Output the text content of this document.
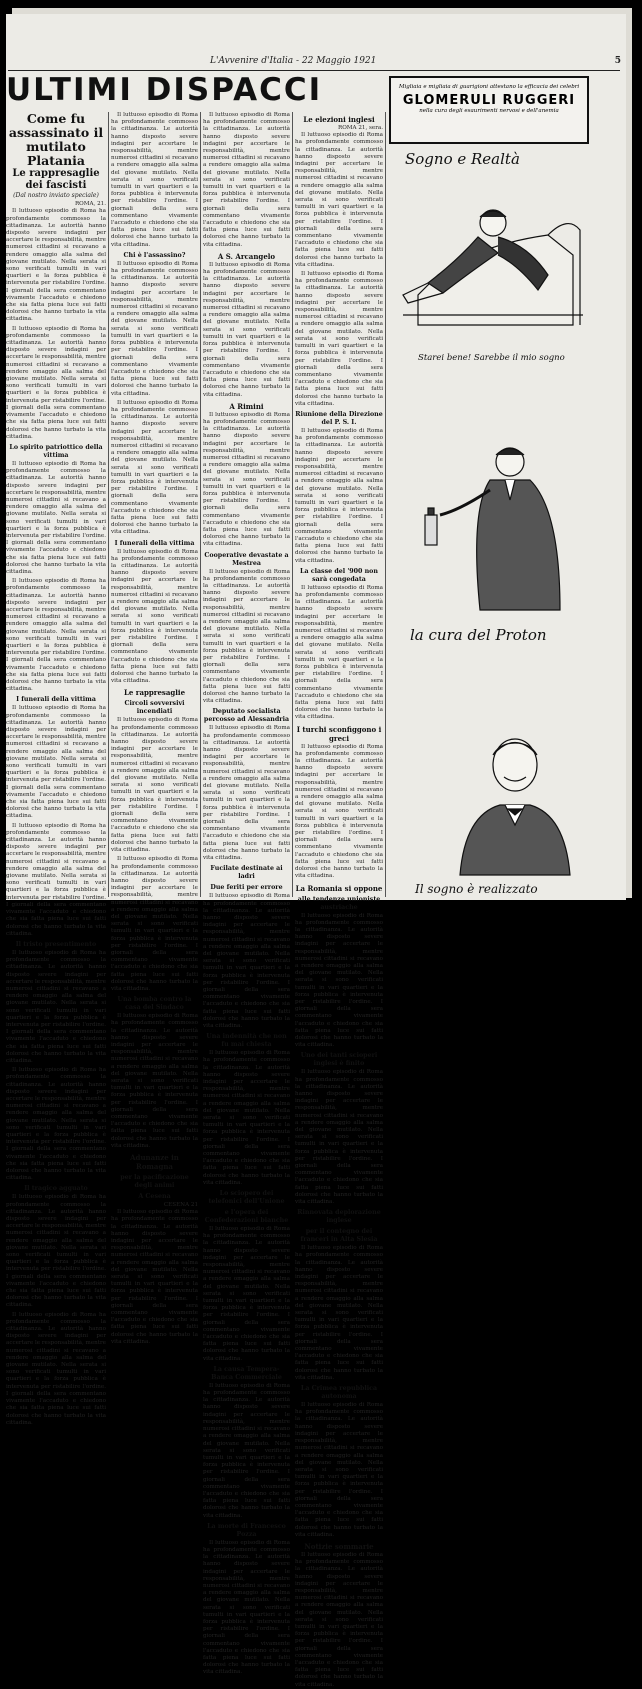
L'Avvenire d'Italia - 22 Maggio 1921	5
ULTIMI DISPACCI
Come fu assassinato il mutilato Platania
Le rappresaglie dei fascisti
(Dal nostro inviato speciale)
ROMA, 21.

Il luttuoso episodio di Roma ha profondamente commosso la cittadinanza. Le autorità hanno disposto severe indagini per accertare le responsabilità, mentre numerosi cittadini si recavano a rendere omaggio alla salma del giovane mutilato. Nella serata si sono verificati tumulti in vari quartieri e la forza pubblica è intervenuta per ristabilire l'ordine. I giornali della sera commentano vivamente l'accaduto e chiedono che sia fatta piena luce sui fatti dolorosi che hanno turbato la vita cittadina.

Il luttuoso episodio di Roma ha profondamente commosso la cittadinanza. Le autorità hanno disposto severe indagini per accertare le responsabilità, mentre numerosi cittadini si recavano a rendere omaggio alla salma del giovane mutilato. Nella serata si sono verificati tumulti in vari quartieri e la forza pubblica è intervenuta per ristabilire l'ordine. I giornali della sera commentano vivamente l'accaduto e chiedono che sia fatta piena luce sui fatti dolorosi che hanno turbato la vita cittadina.

Lo spirito patriottico della vittima

Il luttuoso episodio di Roma ha profondamente commosso la cittadinanza. Le autorità hanno disposto severe indagini per accertare le responsabilità, mentre numerosi cittadini si recavano a rendere omaggio alla salma del giovane mutilato. Nella serata si sono verificati tumulti in vari quartieri e la forza pubblica è intervenuta per ristabilire l'ordine. I giornali della sera commentano vivamente l'accaduto e chiedono che sia fatta piena luce sui fatti dolorosi che hanno turbato la vita cittadina.

Il luttuoso episodio di Roma ha profondamente commosso la cittadinanza. Le autorità hanno disposto severe indagini per accertare le responsabilità, mentre numerosi cittadini si recavano a rendere omaggio alla salma del giovane mutilato. Nella serata si sono verificati tumulti in vari quartieri e la forza pubblica è intervenuta per ristabilire l'ordine. I giornali della sera commentano vivamente l'accaduto e chiedono che sia fatta piena luce sui fatti dolorosi che hanno turbato la vita cittadina.

I funerali della vittima

Il luttuoso episodio di Roma ha profondamente commosso la cittadinanza. Le autorità hanno disposto severe indagini per accertare le responsabilità, mentre numerosi cittadini si recavano a rendere omaggio alla salma del giovane mutilato. Nella serata si sono verificati tumulti in vari quartieri e la forza pubblica è intervenuta per ristabilire l'ordine. I giornali della sera commentano vivamente l'accaduto e chiedono che sia fatta piena luce sui fatti dolorosi che hanno turbato la vita cittadina.

Il luttuoso episodio di Roma ha profondamente commosso la cittadinanza. Le autorità hanno disposto severe indagini per accertare le responsabilità, mentre numerosi cittadini si recavano a rendere omaggio alla salma del giovane mutilato. Nella serata si sono verificati tumulti in vari quartieri e la forza pubblica è intervenuta per ristabilire l'ordine. I giornali della sera commentano vivamente l'accaduto e chiedono che sia fatta piena luce sui fatti dolorosi che hanno turbato la vita cittadina.

Il tristo presentimento

Il luttuoso episodio di Roma ha profondamente commosso la cittadinanza. Le autorità hanno disposto severe indagini per accertare le responsabilità, mentre numerosi cittadini si recavano a rendere omaggio alla salma del giovane mutilato. Nella serata si sono verificati tumulti in vari quartieri e la forza pubblica è intervenuta per ristabilire l'ordine. I giornali della sera commentano vivamente l'accaduto e chiedono che sia fatta piena luce sui fatti dolorosi che hanno turbato la vita cittadina.

Il luttuoso episodio di Roma ha profondamente commosso la cittadinanza. Le autorità hanno disposto severe indagini per accertare le responsabilità, mentre numerosi cittadini si recavano a rendere omaggio alla salma del giovane mutilato. Nella serata si sono verificati tumulti in vari quartieri e la forza pubblica è intervenuta per ristabilire l'ordine. I giornali della sera commentano vivamente l'accaduto e chiedono che sia fatta piena luce sui fatti dolorosi che hanno turbato la vita cittadina.

Il tragico agguato

Il luttuoso episodio di Roma ha profondamente commosso la cittadinanza. Le autorità hanno disposto severe indagini per accertare le responsabilità, mentre numerosi cittadini si recavano a rendere omaggio alla salma del giovane mutilato. Nella serata si sono verificati tumulti in vari quartieri e la forza pubblica è intervenuta per ristabilire l'ordine. I giornali della sera commentano vivamente l'accaduto e chiedono che sia fatta piena luce sui fatti dolorosi che hanno turbato la vita cittadina.

Il luttuoso episodio di Roma ha profondamente commosso la cittadinanza. Le autorità hanno disposto severe indagini per accertare le responsabilità, mentre numerosi cittadini si recavano a rendere omaggio alla salma del giovane mutilato. Nella serata si sono verificati tumulti in vari quartieri e la forza pubblica è intervenuta per ristabilire l'ordine. I giornali della sera commentano vivamente l'accaduto e chiedono che sia fatta piena luce sui fatti dolorosi che hanno turbato la vita cittadina.

Il luttuoso episodio di Roma ha profondamente commosso la cittadinanza. Le autorità hanno disposto severe indagini per accertare le responsabilità, mentre numerosi cittadini si recavano a rendere omaggio alla salma del giovane mutilato. Nella serata si sono verificati tumulti in vari quartieri e la forza pubblica è intervenuta per ristabilire l'ordine. I giornali della sera commentano vivamente l'accaduto e chiedono che sia fatta piena luce sui fatti dolorosi che hanno turbato la vita cittadina.

Chi è l'assassino?

Il luttuoso episodio di Roma ha profondamente commosso la cittadinanza. Le autorità hanno disposto severe indagini per accertare le responsabilità, mentre numerosi cittadini si recavano a rendere omaggio alla salma del giovane mutilato. Nella serata si sono verificati tumulti in vari quartieri e la forza pubblica è intervenuta per ristabilire l'ordine. I giornali della sera commentano vivamente l'accaduto e chiedono che sia fatta piena luce sui fatti dolorosi che hanno turbato la vita cittadina.

Il luttuoso episodio di Roma ha profondamente commosso la cittadinanza. Le autorità hanno disposto severe indagini per accertare le responsabilità, mentre numerosi cittadini si recavano a rendere omaggio alla salma del giovane mutilato. Nella serata si sono verificati tumulti in vari quartieri e la forza pubblica è intervenuta per ristabilire l'ordine. I giornali della sera commentano vivamente l'accaduto e chiedono che sia fatta piena luce sui fatti dolorosi che hanno turbato la vita cittadina.

I funerali della vittima

Il luttuoso episodio di Roma ha profondamente commosso la cittadinanza. Le autorità hanno disposto severe indagini per accertare le responsabilità, mentre numerosi cittadini si recavano a rendere omaggio alla salma del giovane mutilato. Nella serata si sono verificati tumulti in vari quartieri e la forza pubblica è intervenuta per ristabilire l'ordine. I giornali della sera commentano vivamente l'accaduto e chiedono che sia fatta piena luce sui fatti dolorosi che hanno turbato la vita cittadina.

Le rappresaglie
Circoli sovversivi incendiati

Il luttuoso episodio di Roma ha profondamente commosso la cittadinanza. Le autorità hanno disposto severe indagini per accertare le responsabilità, mentre numerosi cittadini si recavano a rendere omaggio alla salma del giovane mutilato. Nella serata si sono verificati tumulti in vari quartieri e la forza pubblica è intervenuta per ristabilire l'ordine. I giornali della sera commentano vivamente l'accaduto e chiedono che sia fatta piena luce sui fatti dolorosi che hanno turbato la vita cittadina.

Il luttuoso episodio di Roma ha profondamente commosso la cittadinanza. Le autorità hanno disposto severe indagini per accertare le responsabilità, mentre numerosi cittadini si recavano a rendere omaggio alla salma del giovane mutilato. Nella serata si sono verificati tumulti in vari quartieri e la forza pubblica è intervenuta per ristabilire l'ordine. I giornali della sera commentano vivamente l'accaduto e chiedono che sia fatta piena luce sui fatti dolorosi che hanno turbato la vita cittadina.

Una bomba contro la casa del Sindaco

Il luttuoso episodio di Roma ha profondamente commosso la cittadinanza. Le autorità hanno disposto severe indagini per accertare le responsabilità, mentre numerosi cittadini si recavano a rendere omaggio alla salma del giovane mutilato. Nella serata si sono verificati tumulti in vari quartieri e la forza pubblica è intervenuta per ristabilire l'ordine. I giornali della sera commentano vivamente l'accaduto e chiedono che sia fatta piena luce sui fatti dolorosi che hanno turbato la vita cittadina.

Adunanze in Romagna
per la pacificazione degli animi
A Cesena
CESENA 21

Il luttuoso episodio di Roma ha profondamente commosso la cittadinanza. Le autorità hanno disposto severe indagini per accertare le responsabilità, mentre numerosi cittadini si recavano a rendere omaggio alla salma del giovane mutilato. Nella serata si sono verificati tumulti in vari quartieri e la forza pubblica è intervenuta per ristabilire l'ordine. I giornali della sera commentano vivamente l'accaduto e chiedono che sia fatta piena luce sui fatti dolorosi che hanno turbato la vita cittadina.

Il luttuoso episodio di Roma ha profondamente commosso la cittadinanza. Le autorità hanno disposto severe indagini per accertare le responsabilità, mentre numerosi cittadini si recavano a rendere omaggio alla salma del giovane mutilato. Nella serata si sono verificati tumulti in vari quartieri e la forza pubblica è intervenuta per ristabilire l'ordine. I giornali della sera commentano vivamente l'accaduto e chiedono che sia fatta piena luce sui fatti dolorosi che hanno turbato la vita cittadina.

A S. Arcangelo

Il luttuoso episodio di Roma ha profondamente commosso la cittadinanza. Le autorità hanno disposto severe indagini per accertare le responsabilità, mentre numerosi cittadini si recavano a rendere omaggio alla salma del giovane mutilato. Nella serata si sono verificati tumulti in vari quartieri e la forza pubblica è intervenuta per ristabilire l'ordine. I giornali della sera commentano vivamente l'accaduto e chiedono che sia fatta piena luce sui fatti dolorosi che hanno turbato la vita cittadina.

A Rimini

Il luttuoso episodio di Roma ha profondamente commosso la cittadinanza. Le autorità hanno disposto severe indagini per accertare le responsabilità, mentre numerosi cittadini si recavano a rendere omaggio alla salma del giovane mutilato. Nella serata si sono verificati tumulti in vari quartieri e la forza pubblica è intervenuta per ristabilire l'ordine. I giornali della sera commentano vivamente l'accaduto e chiedono che sia fatta piena luce sui fatti dolorosi che hanno turbato la vita cittadina.

Cooperative devastate a Mestrea

Il luttuoso episodio di Roma ha profondamente commosso la cittadinanza. Le autorità hanno disposto severe indagini per accertare le responsabilità, mentre numerosi cittadini si recavano a rendere omaggio alla salma del giovane mutilato. Nella serata si sono verificati tumulti in vari quartieri e la forza pubblica è intervenuta per ristabilire l'ordine. I giornali della sera commentano vivamente l'accaduto e chiedono che sia fatta piena luce sui fatti dolorosi che hanno turbato la vita cittadina.

Deputato socialista percosso ad Alessandria

Il luttuoso episodio di Roma ha profondamente commosso la cittadinanza. Le autorità hanno disposto severe indagini per accertare le responsabilità, mentre numerosi cittadini si recavano a rendere omaggio alla salma del giovane mutilato. Nella serata si sono verificati tumulti in vari quartieri e la forza pubblica è intervenuta per ristabilire l'ordine. I giornali della sera commentano vivamente l'accaduto e chiedono che sia fatta piena luce sui fatti dolorosi che hanno turbato la vita cittadina.

Fucilate destinate ai ladri
Due feriti per errore

Il luttuoso episodio di Roma ha profondamente commosso la cittadinanza. Le autorità hanno disposto severe indagini per accertare le responsabilità, mentre numerosi cittadini si recavano a rendere omaggio alla salma del giovane mutilato. Nella serata si sono verificati tumulti in vari quartieri e la forza pubblica è intervenuta per ristabilire l'ordine. I giornali della sera commentano vivamente l'accaduto e chiedono che sia fatta piena luce sui fatti dolorosi che hanno turbato la vita cittadina.

Una indennità che non fu mai chiesta

Il luttuoso episodio di Roma ha profondamente commosso la cittadinanza. Le autorità hanno disposto severe indagini per accertare le responsabilità, mentre numerosi cittadini si recavano a rendere omaggio alla salma del giovane mutilato. Nella serata si sono verificati tumulti in vari quartieri e la forza pubblica è intervenuta per ristabilire l'ordine. I giornali della sera commentano vivamente l'accaduto e chiedono che sia fatta piena luce sui fatti dolorosi che hanno turbato la vita cittadina.

Lo sciopero dei telefonici dell'Unione
e l'opera dei Confederazioni bianche

Il luttuoso episodio di Roma ha profondamente commosso la cittadinanza. Le autorità hanno disposto severe indagini per accertare le responsabilità, mentre numerosi cittadini si recavano a rendere omaggio alla salma del giovane mutilato. Nella serata si sono verificati tumulti in vari quartieri e la forza pubblica è intervenuta per ristabilire l'ordine. I giornali della sera commentano vivamente l'accaduto e chiedono che sia fatta piena luce sui fatti dolorosi che hanno turbato la vita cittadina.

La causa Tempera-Banca Commerciale

Il luttuoso episodio di Roma ha profondamente commosso la cittadinanza. Le autorità hanno disposto severe indagini per accertare le responsabilità, mentre numerosi cittadini si recavano a rendere omaggio alla salma del giovane mutilato. Nella serata si sono verificati tumulti in vari quartieri e la forza pubblica è intervenuta per ristabilire l'ordine. I giornali della sera commentano vivamente l'accaduto e chiedono che sia fatta piena luce sui fatti dolorosi che hanno turbato la vita cittadina.

La morte di Francesco Pozza

Il luttuoso episodio di Roma ha profondamente commosso la cittadinanza. Le autorità hanno disposto severe indagini per accertare le responsabilità, mentre numerosi cittadini si recavano a rendere omaggio alla salma del giovane mutilato. Nella serata si sono verificati tumulti in vari quartieri e la forza pubblica è intervenuta per ristabilire l'ordine. I giornali della sera commentano vivamente l'accaduto e chiedono che sia fatta piena luce sui fatti dolorosi che hanno turbato la vita cittadina.

Le elezioni inglesi
ROMA 21, sera.

Il luttuoso episodio di Roma ha profondamente commosso la cittadinanza. Le autorità hanno disposto severe indagini per accertare le responsabilità, mentre numerosi cittadini si recavano a rendere omaggio alla salma del giovane mutilato. Nella serata si sono verificati tumulti in vari quartieri e la forza pubblica è intervenuta per ristabilire l'ordine. I giornali della sera commentano vivamente l'accaduto e chiedono che sia fatta piena luce sui fatti dolorosi che hanno turbato la vita cittadina.

Il luttuoso episodio di Roma ha profondamente commosso la cittadinanza. Le autorità hanno disposto severe indagini per accertare le responsabilità, mentre numerosi cittadini si recavano a rendere omaggio alla salma del giovane mutilato. Nella serata si sono verificati tumulti in vari quartieri e la forza pubblica è intervenuta per ristabilire l'ordine. I giornali della sera commentano vivamente l'accaduto e chiedono che sia fatta piena luce sui fatti dolorosi che hanno turbato la vita cittadina.

Riunione della Direzione del P. S. I.

Il luttuoso episodio di Roma ha profondamente commosso la cittadinanza. Le autorità hanno disposto severe indagini per accertare le responsabilità, mentre numerosi cittadini si recavano a rendere omaggio alla salma del giovane mutilato. Nella serata si sono verificati tumulti in vari quartieri e la forza pubblica è intervenuta per ristabilire l'ordine. I giornali della sera commentano vivamente l'accaduto e chiedono che sia fatta piena luce sui fatti dolorosi che hanno turbato la vita cittadina.

La classe del '900 non sarà congedata

Il luttuoso episodio di Roma ha profondamente commosso la cittadinanza. Le autorità hanno disposto severe indagini per accertare le responsabilità, mentre numerosi cittadini si recavano a rendere omaggio alla salma del giovane mutilato. Nella serata si sono verificati tumulti in vari quartieri e la forza pubblica è intervenuta per ristabilire l'ordine. I giornali della sera commentano vivamente l'accaduto e chiedono che sia fatta piena luce sui fatti dolorosi che hanno turbato la vita cittadina.

I turchi sconfiggono i greci

Il luttuoso episodio di Roma ha profondamente commosso la cittadinanza. Le autorità hanno disposto severe indagini per accertare le responsabilità, mentre numerosi cittadini si recavano a rendere omaggio alla salma del giovane mutilato. Nella serata si sono verificati tumulti in vari quartieri e la forza pubblica è intervenuta per ristabilire l'ordine. I giornali della sera commentano vivamente l'accaduto e chiedono che sia fatta piena luce sui fatti dolorosi che hanno turbato la vita cittadina.

La Romania si oppone
alle tendenze unioniste austriache

Il luttuoso episodio di Roma ha profondamente commosso la cittadinanza. Le autorità hanno disposto severe indagini per accertare le responsabilità, mentre numerosi cittadini si recavano a rendere omaggio alla salma del giovane mutilato. Nella serata si sono verificati tumulti in vari quartieri e la forza pubblica è intervenuta per ristabilire l'ordine. I giornali della sera commentano vivamente l'accaduto e chiedono che sia fatta piena luce sui fatti dolorosi che hanno turbato la vita cittadina.

Uno dei tanti scioperi inglesi è finito

Il luttuoso episodio di Roma ha profondamente commosso la cittadinanza. Le autorità hanno disposto severe indagini per accertare le responsabilità, mentre numerosi cittadini si recavano a rendere omaggio alla salma del giovane mutilato. Nella serata si sono verificati tumulti in vari quartieri e la forza pubblica è intervenuta per ristabilire l'ordine. I giornali della sera commentano vivamente l'accaduto e chiedono che sia fatta piena luce sui fatti dolorosi che hanno turbato la vita cittadina.

Rinnovata deplorazione inglese
per il contegno dei franceri in Alta Slesia

Il luttuoso episodio di Roma ha profondamente commosso la cittadinanza. Le autorità hanno disposto severe indagini per accertare le responsabilità, mentre numerosi cittadini si recavano a rendere omaggio alla salma del giovane mutilato. Nella serata si sono verificati tumulti in vari quartieri e la forza pubblica è intervenuta per ristabilire l'ordine. I giornali della sera commentano vivamente l'accaduto e chiedono che sia fatta piena luce sui fatti dolorosi che hanno turbato la vita cittadina.

La Crimea repubblica autonoma

Il luttuoso episodio di Roma ha profondamente commosso la cittadinanza. Le autorità hanno disposto severe indagini per accertare le responsabilità, mentre numerosi cittadini si recavano a rendere omaggio alla salma del giovane mutilato. Nella serata si sono verificati tumulti in vari quartieri e la forza pubblica è intervenuta per ristabilire l'ordine. I giornali della sera commentano vivamente l'accaduto e chiedono che sia fatta piena luce sui fatti dolorosi che hanno turbato la vita cittadina.

Notizie sommarie

Il luttuoso episodio di Roma ha profondamente commosso la cittadinanza. Le autorità hanno disposto severe indagini per accertare le responsabilità, mentre numerosi cittadini si recavano a rendere omaggio alla salma del giovane mutilato. Nella serata si sono verificati tumulti in vari quartieri e la forza pubblica è intervenuta per ristabilire l'ordine. I giornali della sera commentano vivamente l'accaduto e chiedono che sia fatta piena luce sui fatti dolorosi che hanno turbato la vita cittadina.

Migliaia e migliaia di guarigioni attestano la efficacia dei celebri
GLOMERULI RUGGERI
nella cura degli esaurimenti nervosi e dell'anemia
Sogno e Realtà
Starei bene! Sarebbe il mio sogno
la cura del Proton
Il sogno è realizzato
